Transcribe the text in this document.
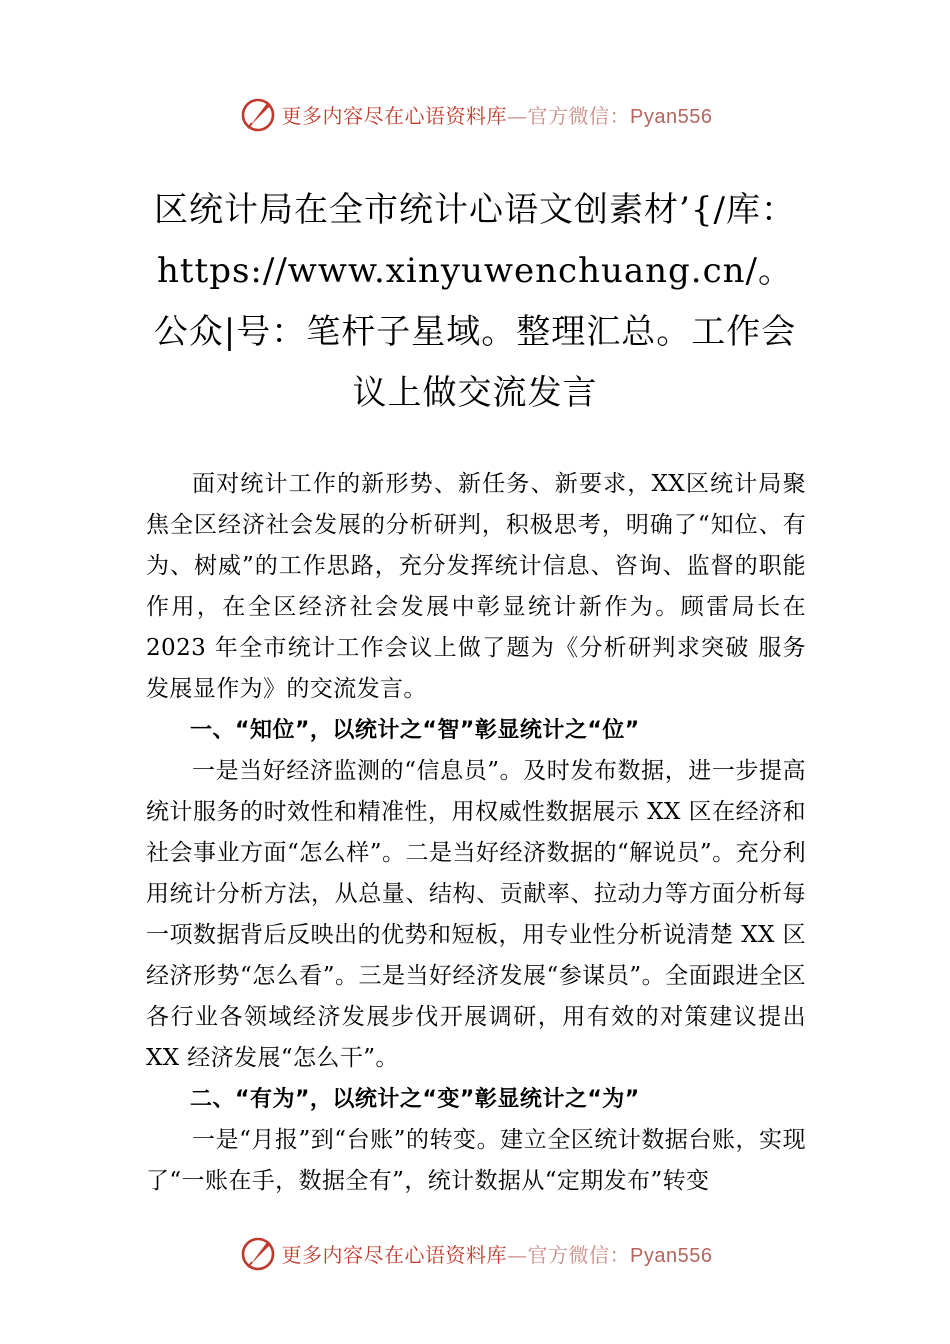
更多内容尽在心语资料库—官方微信：Pyan556
区统计局在全市统计心语文创素材’{/库：https://www.xinyuwenchuang.cn/。公众|号：笔杆子星域。整理汇总。工作会议上做交流发言

面对统计工作的新形势、新任务、新要求，XX区统计局聚焦全区经济社会发展的分析研判，积极思考，明确了“知位、有为、树威”的工作思路，充分发挥统计信息、咨询、监督的职能作用，在全区经济社会发展中彰显统计新作为。顾雷局长在 2023 年全市统计工作会议上做了题为《分析研判求突破 服务发展显作为》的交流发言。

一、“知位”，以统计之“智”彰显统计之“位”

一是当好经济监测的“信息员”。及时发布数据，进一步提高统计服务的时效性和精准性，用权威性数据展示 XX 区在经济和社会事业方面“怎么样”。二是当好经济数据的“解说员”。充分利用统计分析方法，从总量、结构、贡献率、拉动力等方面分析每一项数据背后反映出的优势和短板，用专业性分析说清楚 XX 区经济形势“怎么看”。三是当好经济发展“参谋员”。全面跟进全区各行业各领域经济发展步伐开展调研，用有效的对策建议提出 XX 经济发展“怎么干”。

二、“有为”，以统计之“变”彰显统计之“为”

一是“月报”到“台账”的转变。建立全区统计数据台账，实现了“一账在手，数据全有”，统计数据从“定期发布”转变

更多内容尽在心语资料库—官方微信：Pyan556
